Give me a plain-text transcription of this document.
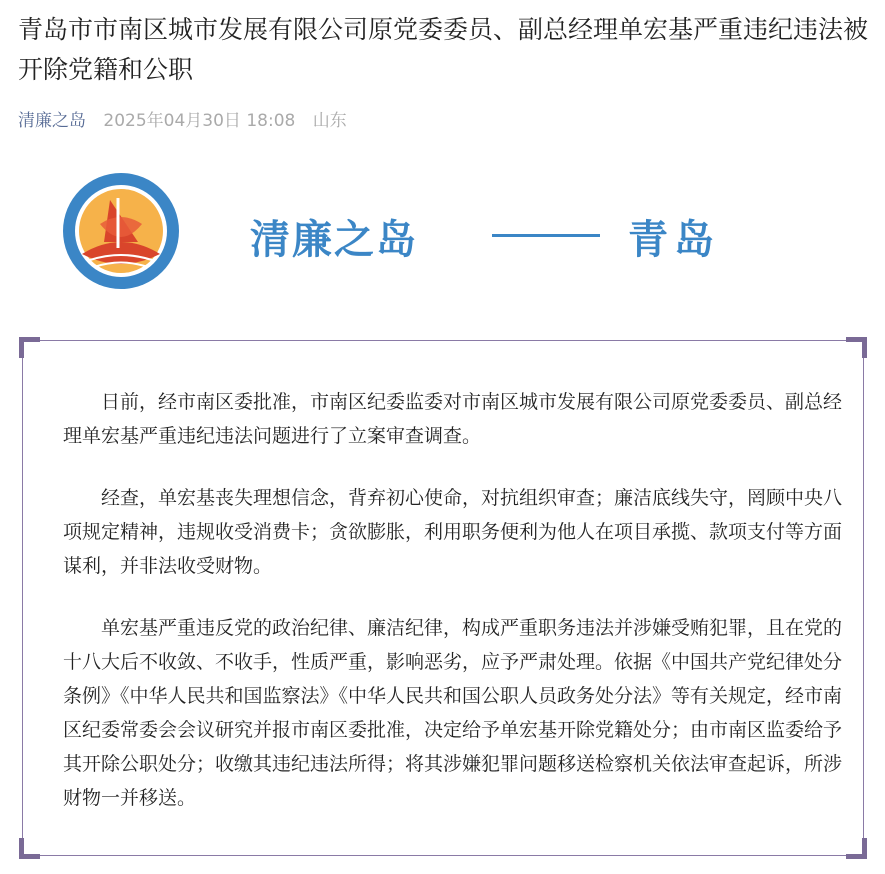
青岛市市南区城市发展有限公司原党委委员、副总经理单宏基严重违纪违法被开除党籍和公职
清廉之岛 2025年04月30日 18:08 山东
清廉之岛	青岛

日前，经市南区委批准，市南区纪委监委对市南区城市发展有限公司原党委委员、副总经理单宏基严重违纪违法问题进行了立案审查调查。

经查，单宏基丧失理想信念，背弃初心使命，对抗组织审查；廉洁底线失守，罔顾中央八项规定精神，违规收受消费卡；贪欲膨胀，利用职务便利为他人在项目承揽、款项支付等方面谋利，并非法收受财物。

单宏基严重违反党的政治纪律、廉洁纪律，构成严重职务违法并涉嫌受贿犯罪，且在党的十八大后不收敛、不收手，性质严重，影响恶劣，应予严肃处理。依据《中国共产党纪律处分条例》《中华人民共和国监察法》《中华人民共和国公职人员政务处分法》等有关规定，经市南区纪委常委会会议研究并报市南区委批准，决定给予单宏基开除党籍处分；由市南区监委给予其开除公职处分；收缴其违纪违法所得；将其涉嫌犯罪问题移送检察机关依法审查起诉，所涉财物一并移送。
